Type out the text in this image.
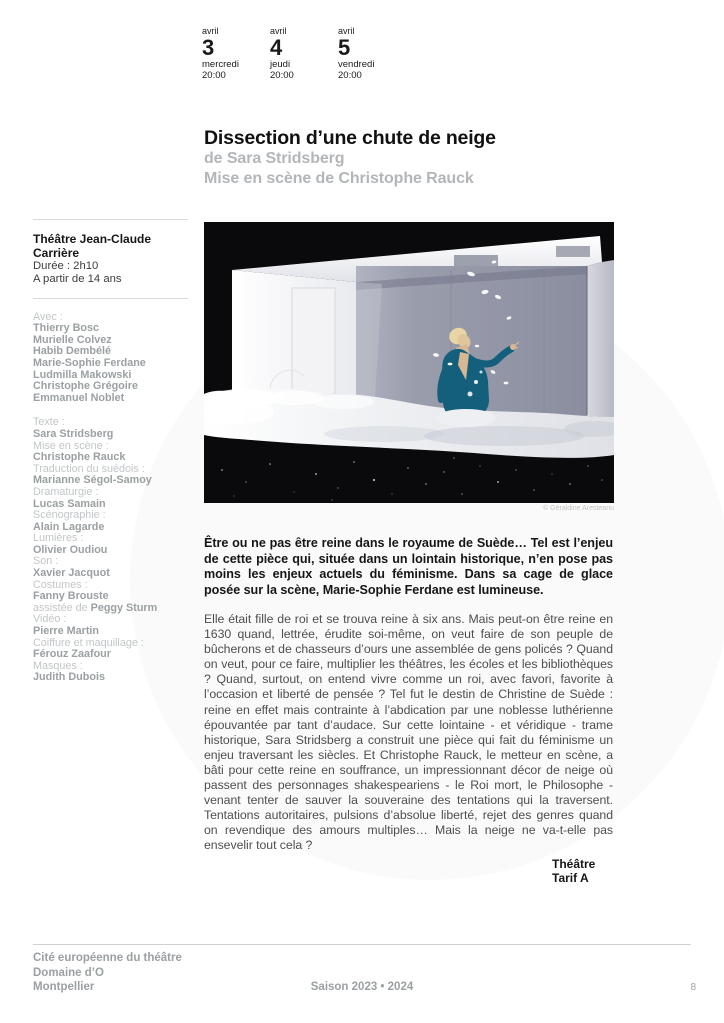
avril
3
mercredi
20:00
avril
4
jeudi
20:00
avril
5
vendredi
20:00
Dissection d’une chute de neige
de Sara Stridsberg
Mise en scène de Christophe Rauck
Théâtre Jean-Claude Carrière
Durée : 2h10
A partir de 14 ans
Avec :
Thierry Bosc
Murielle Colvez
Habib Dembélé
Marie-Sophie Ferdane
Ludmilla Makowski
Christophe Grégoire
Emmanuel Noblet
Texte :
Sara Stridsberg
Mise en scène :
Christophe Rauck
Traduction du suédois :
Marianne Ségol-Samoy
Dramaturgie :
Lucas Samain
Scénographie :
Alain Lagarde
Lumières :
Olivier Oudiou
Son :
Xavier Jacquot
Costumes :
Fanny Brouste
assistée de Peggy Sturm
Vidéo :
Pierre Martin
Coiffure et maquillage :
Férouz Zaafour
Masques :
Judith Dubois
© Géraldine Aresteanu
Être ou ne pas être reine dans le royaume de Suède… Tel est l’enjeu de cette pièce qui, située dans un lointain historique, n’en pose pas moins les enjeux actuels du féminisme. Dans sa cage de glace posée sur la scène, Marie-Sophie Ferdane est lumineuse.
Elle était fille de roi et se trouva reine à six ans. Mais peut-on être reine en 1630 quand, lettrée, érudite soi-même, on veut faire de son peuple de bûcherons et de chasseurs d’ours une assemblée de gens policés ? Quand on veut, pour ce faire, multiplier les théâtres, les écoles et les bibliothèques ? Quand, surtout, on entend vivre comme un roi, avec favori, favorite à l’occasion et liberté de pensée ? Tel fut le destin de Christine de Suède : reine en effet mais contrainte à l’abdication par une noblesse luthérienne épouvantée par tant d’audace. Sur cette lointaine - et véridique - trame historique, Sara Stridsberg a construit une pièce qui fait du féminisme un enjeu traversant les siècles. Et Christophe Rauck, le metteur en scène, a bâti pour cette reine en souffrance, un impressionnant décor de neige où passent des personnages shakespeariens - le Roi mort, le Philosophe - venant tenter de sauver la souveraine des tentations qui la traversent. Tentations autoritaires, pulsions d’absolue liberté, rejet des genres quand on revendique des amours multiples… Mais la neige ne va-t-elle pas ensevelir tout cela ?
Théâtre
Tarif A
Cité européenne du théâtre
Domaine d’O
Montpellier	Saison 2023 • 2024	8
